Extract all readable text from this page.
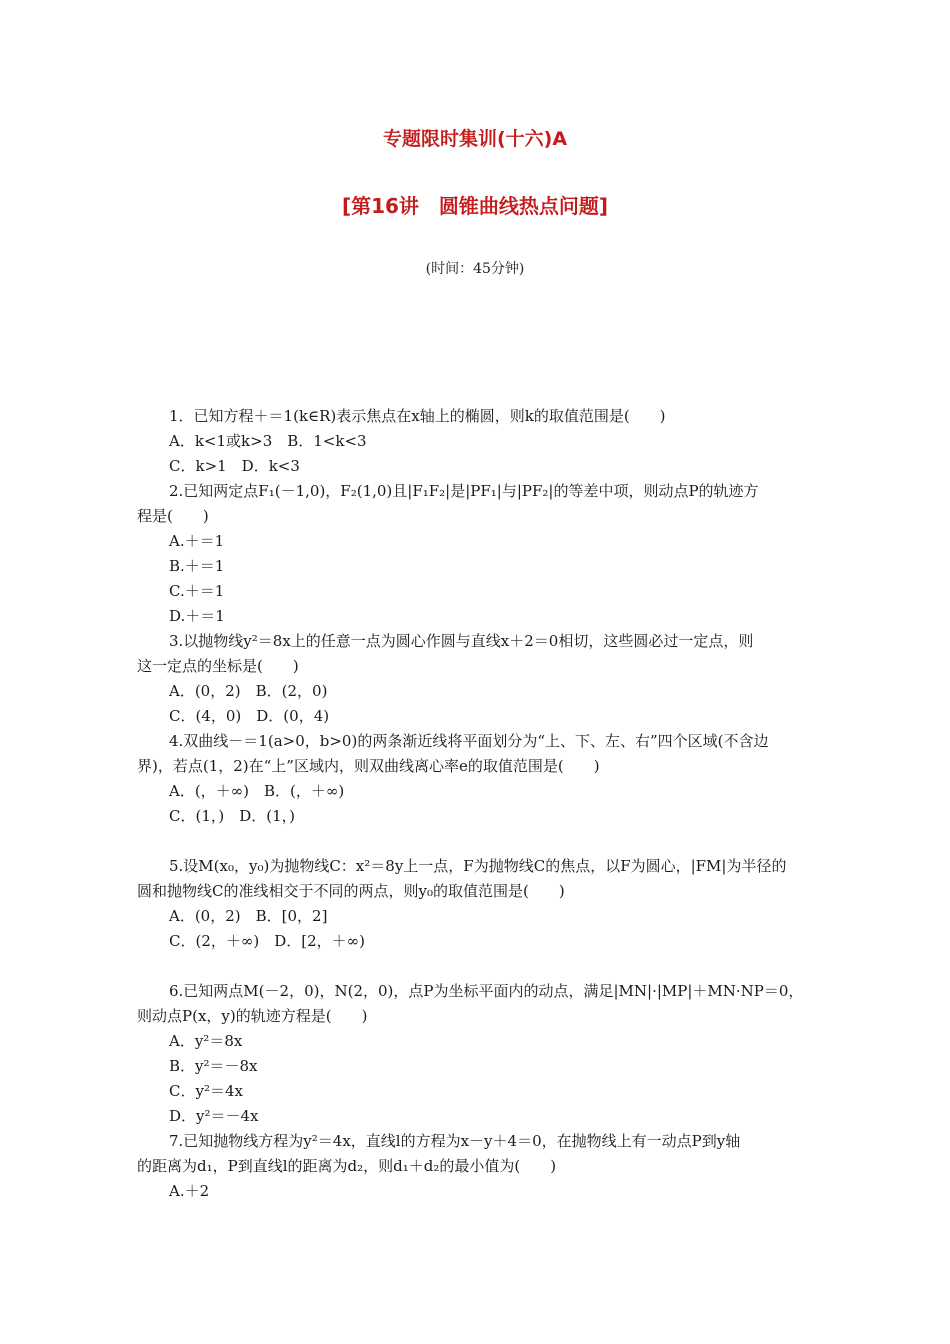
专题限时集训(十六)A
[第16讲　圆锥曲线热点问题]
(时间：45分钟)
1．已知方程＋＝1(k∈R)表示焦点在x轴上的椭圆，则k的取值范围是(　　)
A．k<1或k>3　B．1<k<3
C．k>1　D．k<3
2.已知两定点F₁(－1,0)，F₂(1,0)且|F₁F₂|是|PF₁|与|PF₂|的等差中项，则动点P的轨迹方
程是(　　)
A.＋＝1
B.＋＝1
C.＋＝1
D.＋＝1
3.以抛物线y²＝8x上的任意一点为圆心作圆与直线x＋2＝0相切，这些圆必过一定点，则
这一定点的坐标是(　　)
A．(0，2)　B．(2，0)
C．(4，0)　D．(0，4)
4.双曲线－＝1(a>0，b>0)的两条渐近线将平面划分为“上、下、左、右”四个区域(不含边
界)，若点(1，2)在“上”区域内，则双曲线离心率e的取值范围是(　　)
A．(，＋∞)　B．(，＋∞)
C．(1，)　D．(1，)
5.设M(x₀，y₀)为抛物线C：x²＝8y上一点，F为抛物线C的焦点，以F为圆心，|FM|为半径的
圆和抛物线C的准线相交于不同的两点，则y₀的取值范围是(　　)
A．(0，2)　B．[0，2]
C．(2，＋∞)　D．[2，＋∞)
6.已知两点M(－2，0)，N(2，0)，点P为坐标平面内的动点，满足|MN|·|MP|＋MN·NP＝0，
则动点P(x，y)的轨迹方程是(　　)
A．y²＝8x
B．y²＝－8x
C．y²＝4x
D．y²＝－4x
7.已知抛物线方程为y²＝4x，直线l的方程为x－y＋4＝0，在抛物线上有一动点P到y轴
的距离为d₁，P到直线l的距离为d₂，则d₁＋d₂的最小值为(　　)
A.＋2
